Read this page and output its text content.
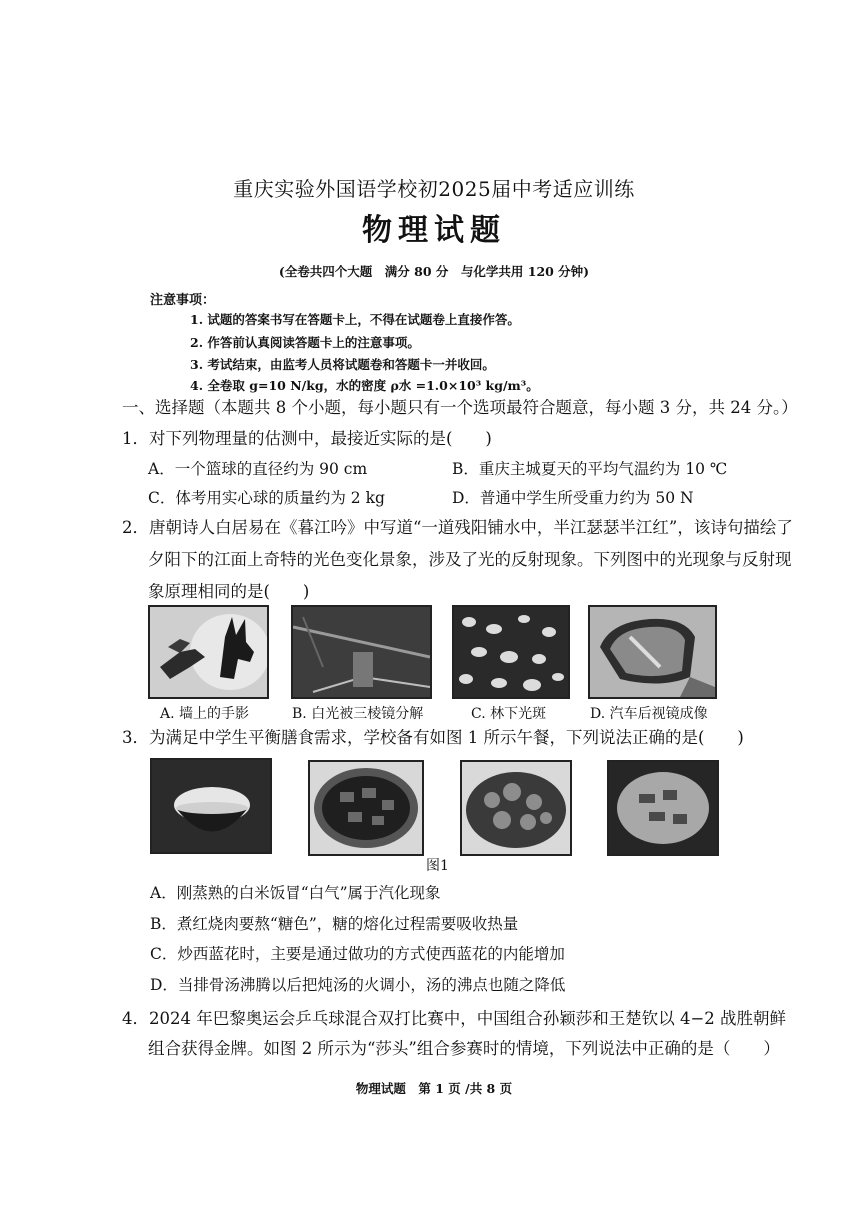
重庆实验外国语学校初2025届中考适应训练
物理试题
(全卷共四个大题　满分 80 分　与化学共用 120 分钟)
注意事项：
1. 试题的答案书写在答题卡上，不得在试题卷上直接作答。
2. 作答前认真阅读答题卡上的注意事项。
3. 考试结束，由监考人员将试题卷和答题卡一并收回。
4. 全卷取 g=10 N/kg，水的密度 ρ水 =1.0×10³ kg/m³。
一、选择题（本题共 8 个小题，每小题只有一个选项最符合题意，每小题 3 分，共 24 分。）
1．对下列物理量的估测中，最接近实际的是(　　)
A．一个篮球的直径约为 90 cm	B．重庆主城夏天的平均气温约为 10 ℃
C．体考用实心球的质量约为 2 kg	D．普通中学生所受重力约为 50 N
2．唐朝诗人白居易在《暮江吟》中写道“一道残阳铺水中，半江瑟瑟半江红”，该诗句描绘了
夕阳下的江面上奇特的光色变化景象，涉及了光的反射现象。下列图中的光现象与反射现
象原理相同的是(　　)
A. 墙上的手影	B. 白光被三棱镜分解	C. 林下光斑	D. 汽车后视镜成像
3．为满足中学生平衡膳食需求，学校备有如图 1 所示午餐，下列说法正确的是(　　)
图1
A．刚蒸熟的白米饭冒“白气”属于汽化现象
B．煮红烧肉要熬“糖色”，糖的熔化过程需要吸收热量
C．炒西蓝花时，主要是通过做功的方式使西蓝花的内能增加
D．当排骨汤沸腾以后把炖汤的火调小，汤的沸点也随之降低
4．2024 年巴黎奥运会乒乓球混合双打比赛中，中国组合孙颖莎和王楚钦以 4−2 战胜朝鲜
组合获得金牌。如图 2 所示为“莎头”组合参赛时的情境，下列说法中正确的是（　　）
物理试题　第 1 页 /共 8 页
